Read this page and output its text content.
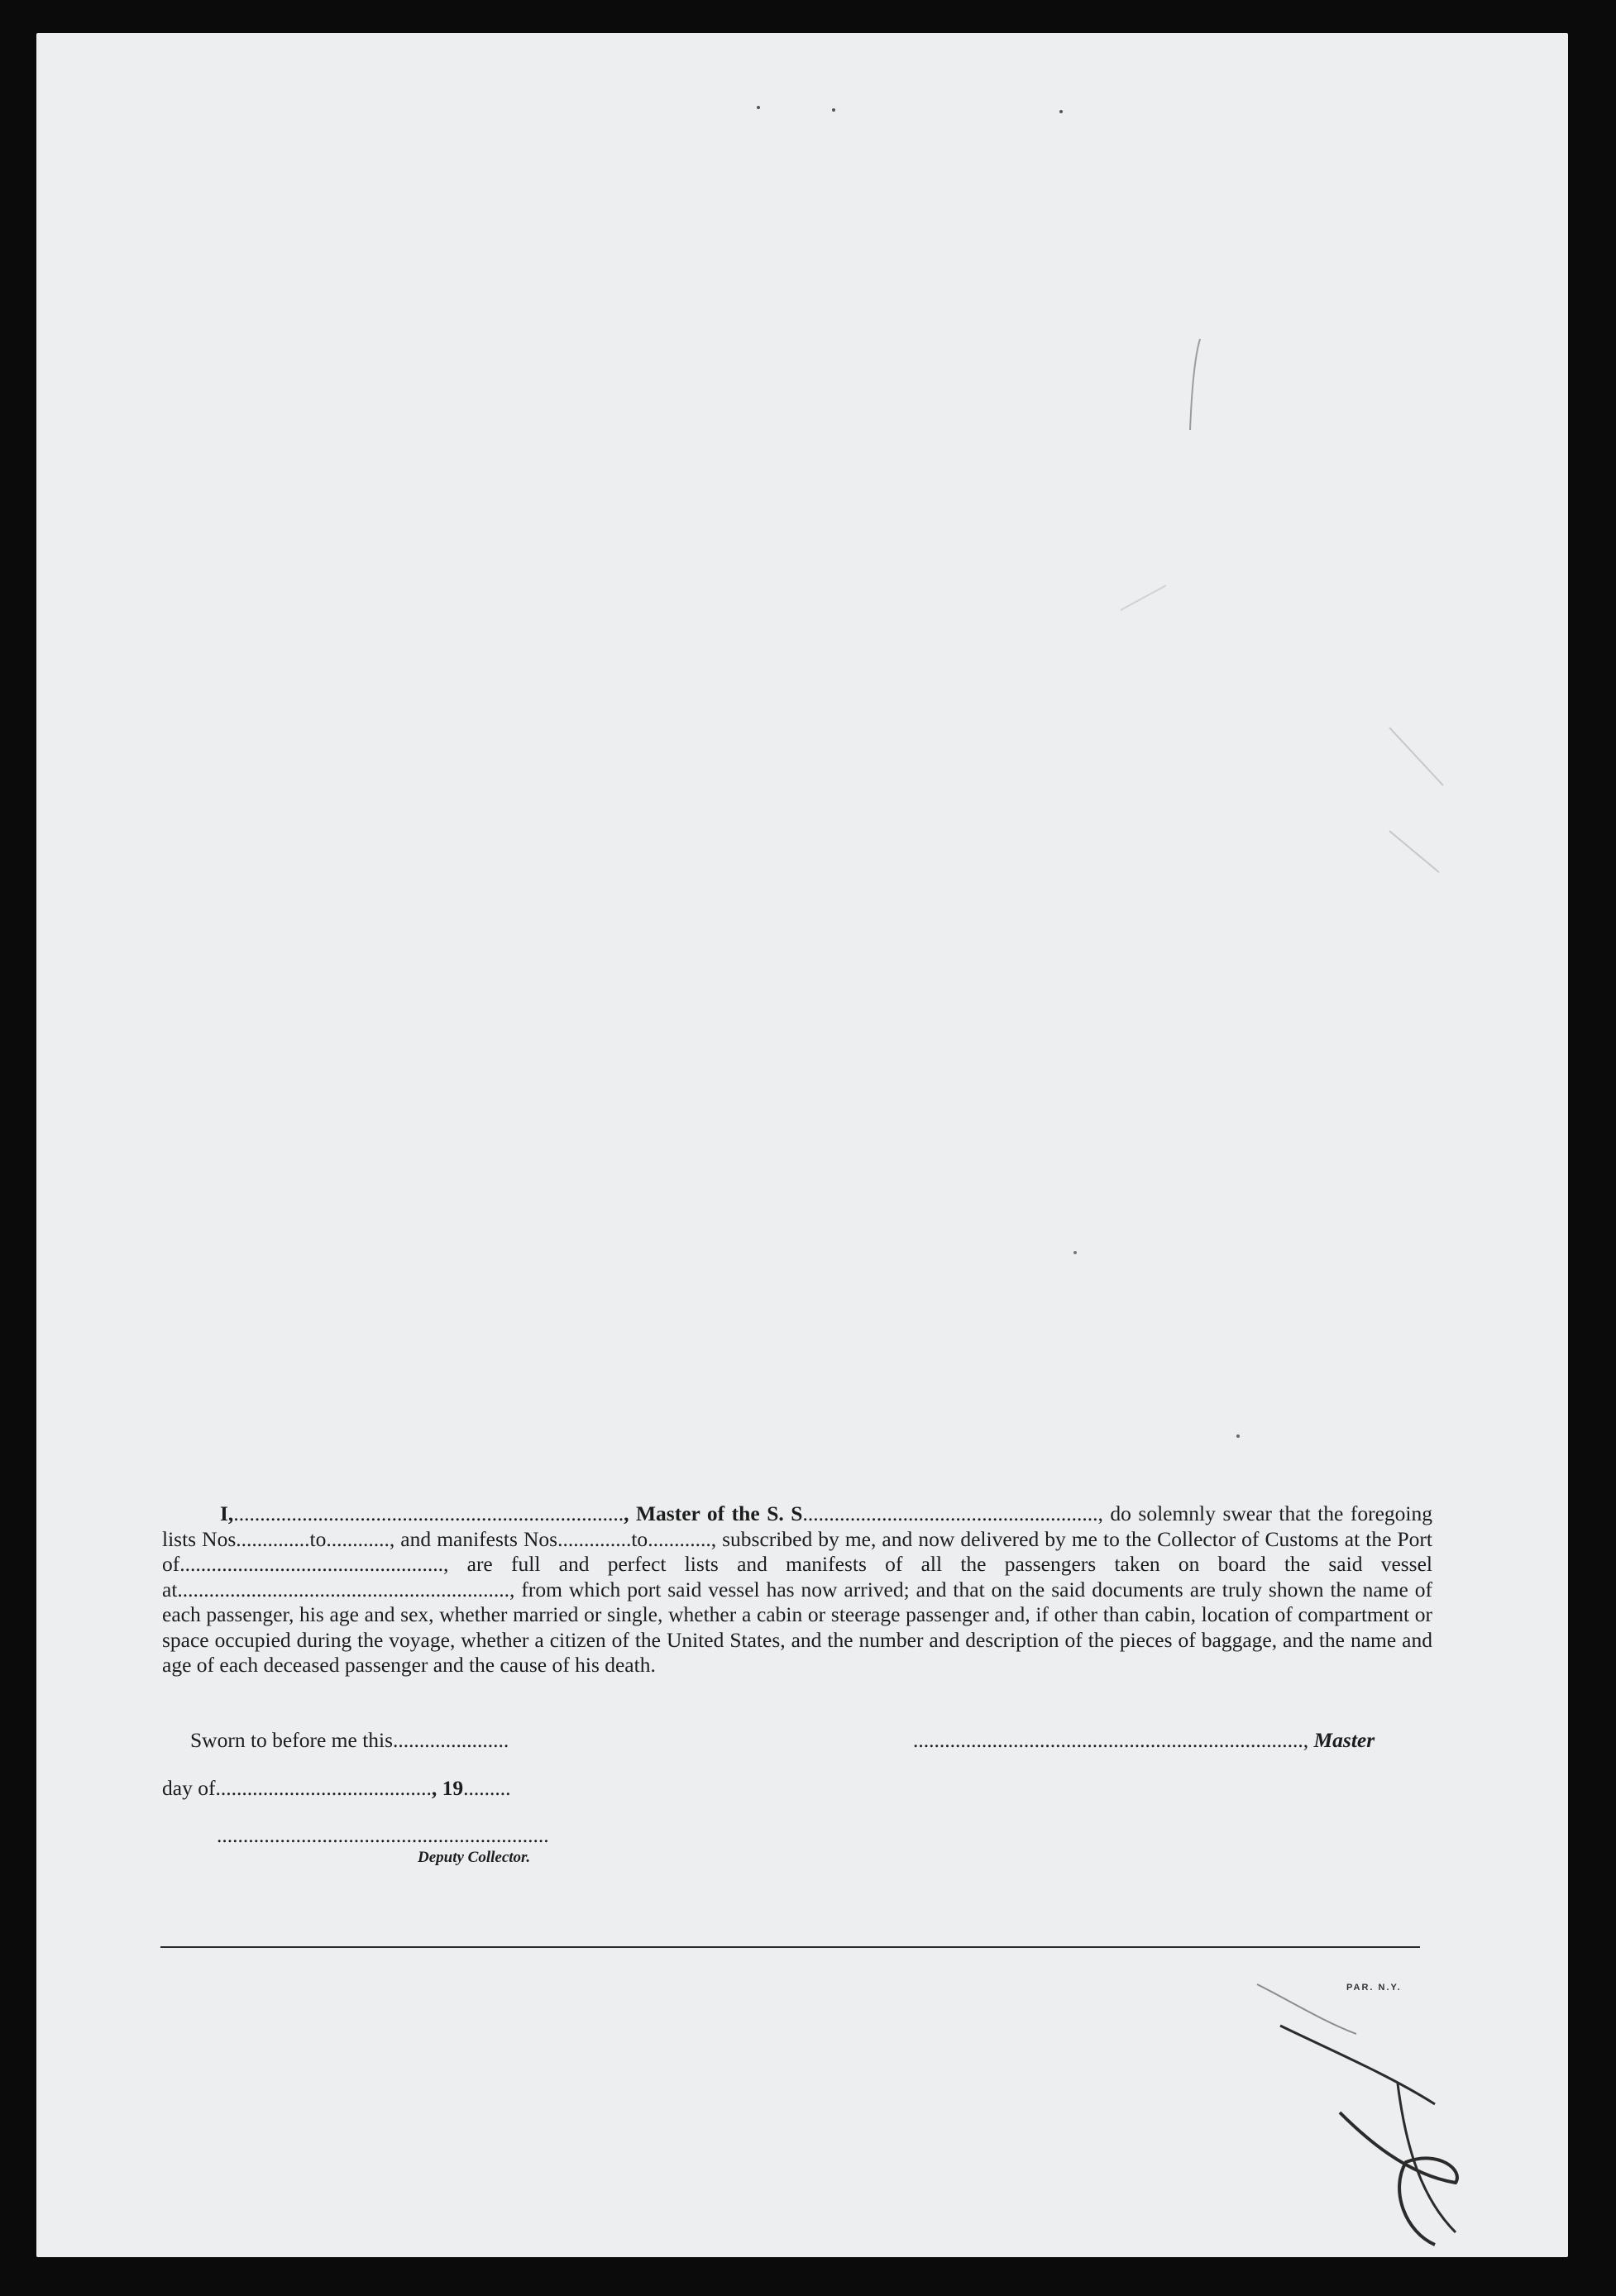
I,.........................................................................., Master of the S. S........................................................, do solemnly swear that the foregoing lists Nos..............to............, and manifests Nos..............to............, subscribed by me, and now delivered by me to the Collector of Customs at the Port of.................................................., are full and perfect lists and manifests of all the passengers taken on board the said vessel at..............................................................., from which port said vessel has now arrived; and that on the said documents are truly shown the name of each passenger, his age and sex, whether married or single, whether a cabin or steerage passenger and, if other than cabin, location of compartment or space occupied during the voyage, whether a citizen of the United States, and the number and description of the pieces of baggage, and the name and age of each deceased passenger and the cause of his death.

Sworn to before me this......................	.........................................................................., Master
day of........................................., 19.........
...............................................................
Deputy Collector.
PAR. N.Y.
